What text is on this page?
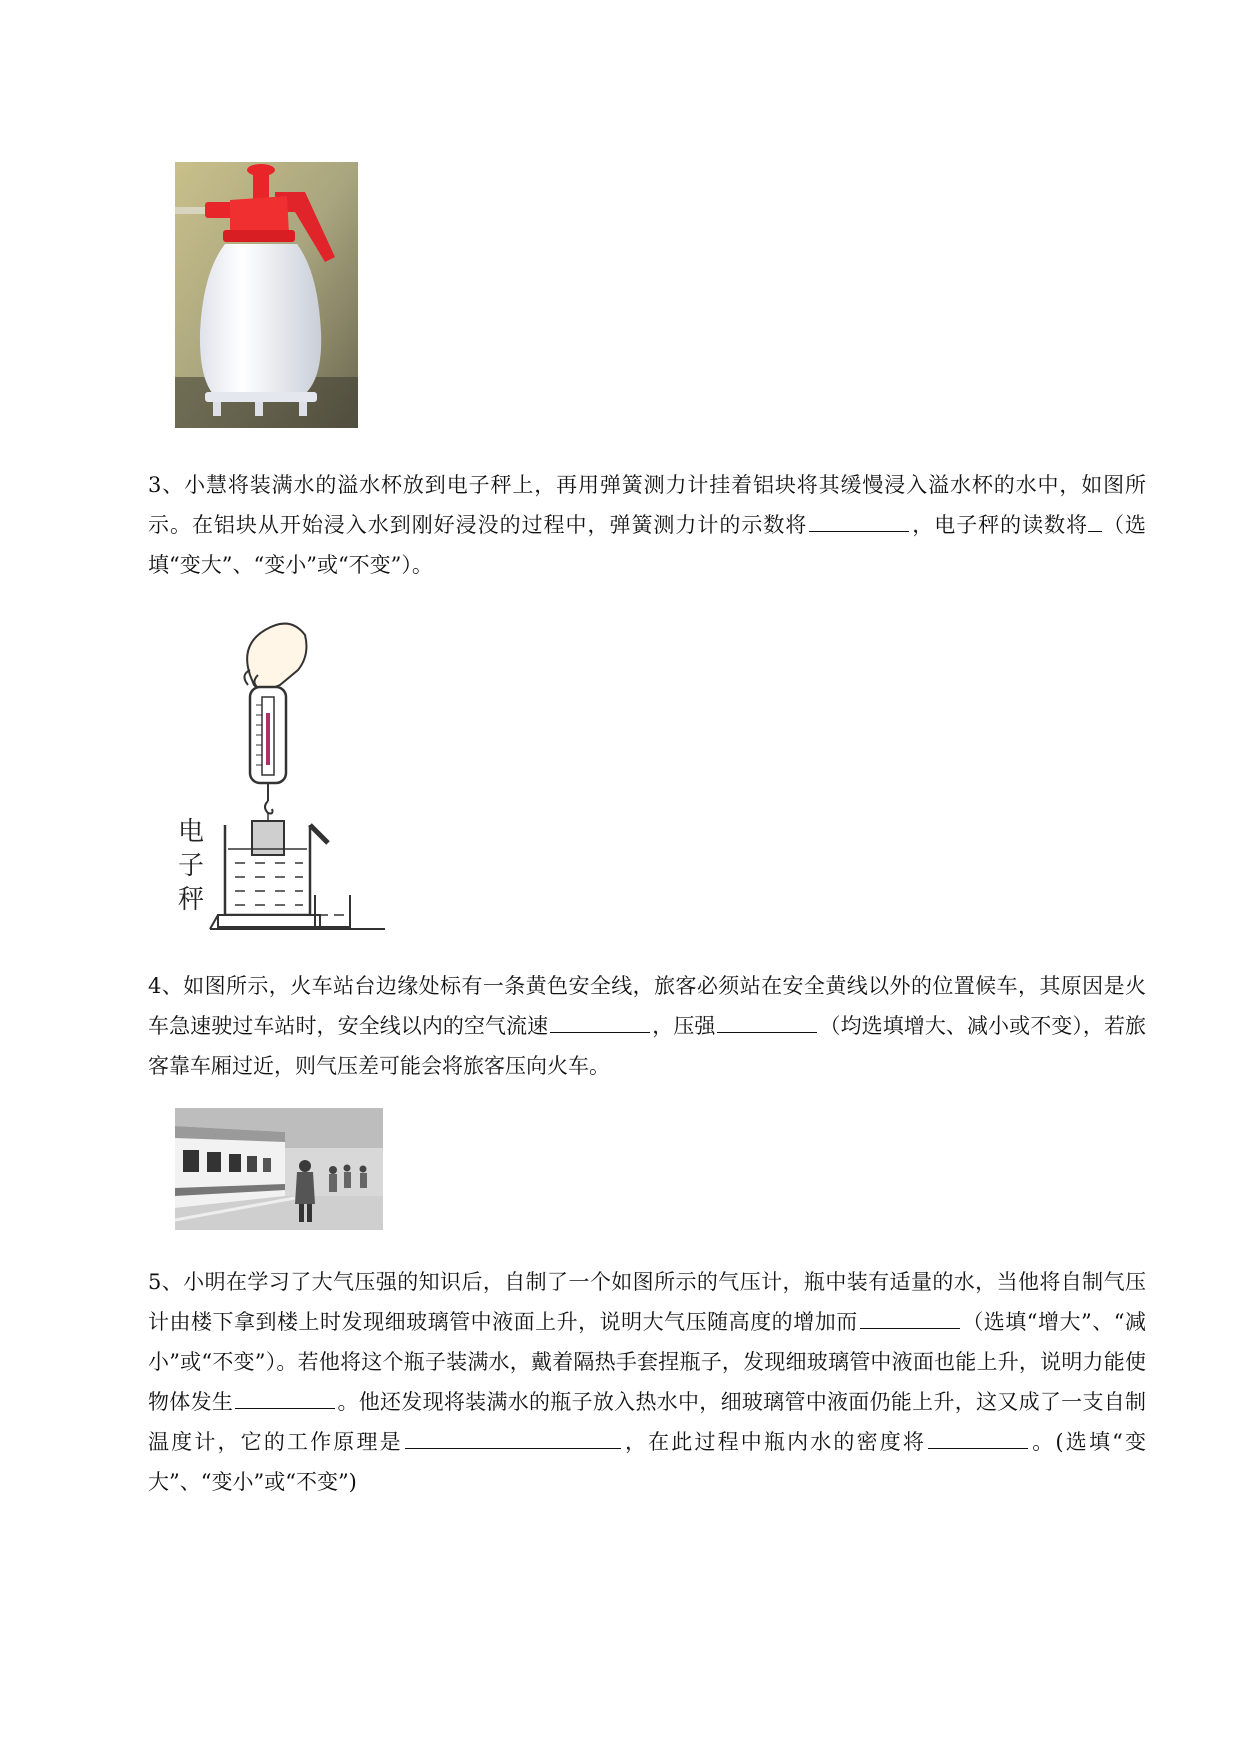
3、小慧将装满水的溢水杯放到电子秤上，再用弹簧测力计挂着铝块将其缓慢浸入溢水杯的水中，如图所示。在铝块从开始浸入水到刚好浸没的过程中，弹簧测力计的示数将	，电子秤的读数将 （选填“变大”、“变小”或“不变”）。
电子秤
4、如图所示，火车站台边缘处标有一条黄色安全线，旅客必须站在安全黄线以外的位置候车，其原因是火车急速驶过车站时，安全线以内的空气流速	，压强	（均选填增大、减小或不变），若旅客靠车厢过近，则气压差可能会将旅客压向火车。
5、小明在学习了大气压强的知识后，自制了一个如图所示的气压计，瓶中装有适量的水，当他将自制气压计由楼下拿到楼上时发现细玻璃管中液面上升，说明大气压随高度的增加而	（选填“增大”、“减小”或“不变”）。若他将这个瓶子装满水，戴着隔热手套捏瓶子，发现细玻璃管中液面也能上升，说明力能使物体发生	。他还发现将装满水的瓶子放入热水中，细玻璃管中液面仍能上升，这又成了一支自制温度计，它的工作原理是	，在此过程中瓶内水的密度将	。(选填“变大”、“变小”或“不变”)
